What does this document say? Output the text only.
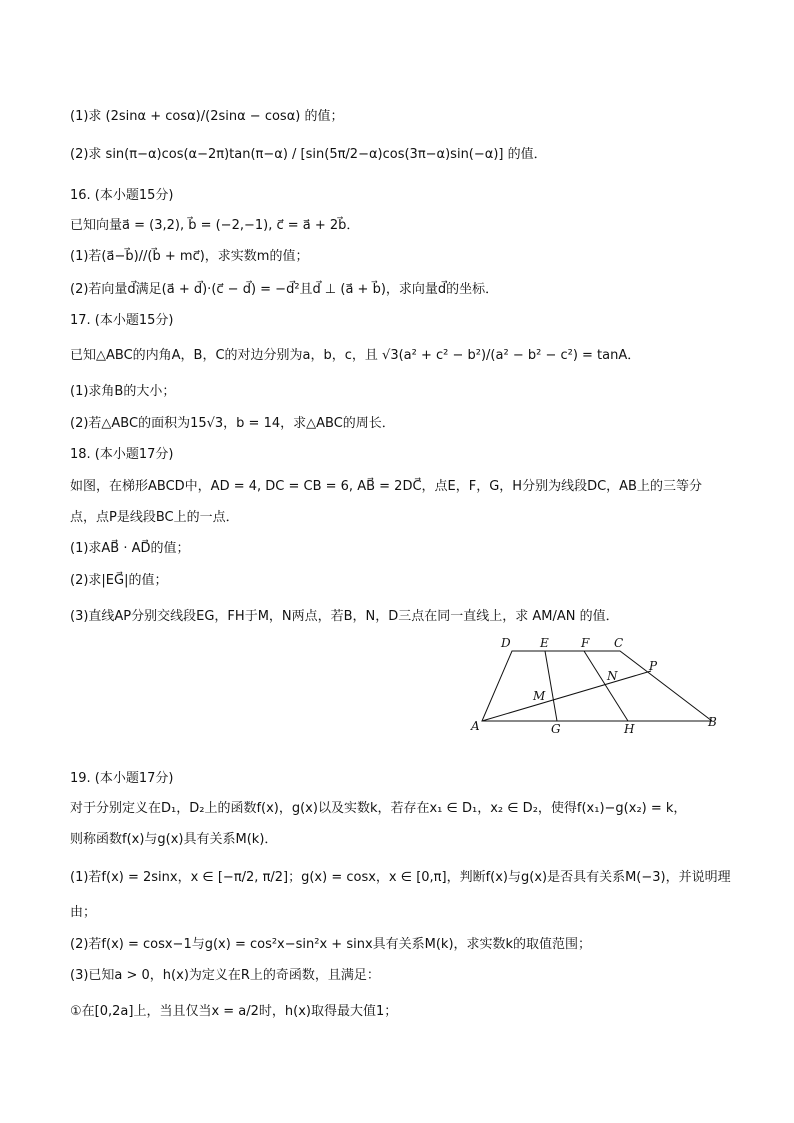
(1)求 (2sinα + cosα)/(2sinα − cosα) 的值；
(2)求 sin(π−α)cos(α−2π)tan(π−α) / [sin(5π/2−α)cos(3π−α)sin(−α)] 的值．
16. (本小题15分)
已知向量a⃗ = (3,2), b⃗ = (−2,−1), c⃗ = a⃗ + 2b⃗．
(1)若(a⃗−b⃗)//(b⃗ + mc⃗)，求实数m的值；
(2)若向量d⃗满足(a⃗ + d⃗)·(c⃗ − d⃗) = −d⃗²且d⃗ ⊥ (a⃗ + b⃗)，求向量d⃗的坐标．
17. (本小题15分)
已知△ABC的内角A，B，C的对边分别为a，b，c，且 √3(a² + c² − b²)/(a² − b² − c²) = tanA．
(1)求角B的大小；
(2)若△ABC的面积为15√3，b = 14，求△ABC的周长．
18. (本小题17分)
如图，在梯形ABCD中，AD = 4, DC = CB = 6, AB⃗ = 2DC⃗，点E，F，G，H分别为线段DC，AB上的三等分
点，点P是线段BC上的一点．
(1)求AB⃗ · AD⃗的值；
(2)求|EG⃗|的值；
(3)直线AP分别交线段EG，FH于M，N两点，若B，N，D三点在同一直线上，求 AM/AN 的值．
D E	F C
P
N
M
A	G	H	B
19. (本小题17分)
对于分别定义在D₁，D₂上的函数f(x)，g(x)以及实数k，若存在x₁ ∈ D₁，x₂ ∈ D₂，使得f(x₁)−g(x₂) = k，
则称函数f(x)与g(x)具有关系M(k)．
(1)若f(x) = 2sinx，x ∈ [−π/2, π/2]；g(x) = cosx，x ∈ [0,π]，判断f(x)与g(x)是否具有关系M(−3)，并说明理
由；
(2)若f(x) = cosx−1与g(x) = cos²x−sin²x + sinx具有关系M(k)，求实数k的取值范围；
(3)已知a > 0，h(x)为定义在R上的奇函数，且满足：
①在[0,2a]上，当且仅当x = a/2时，h(x)取得最大值1；
